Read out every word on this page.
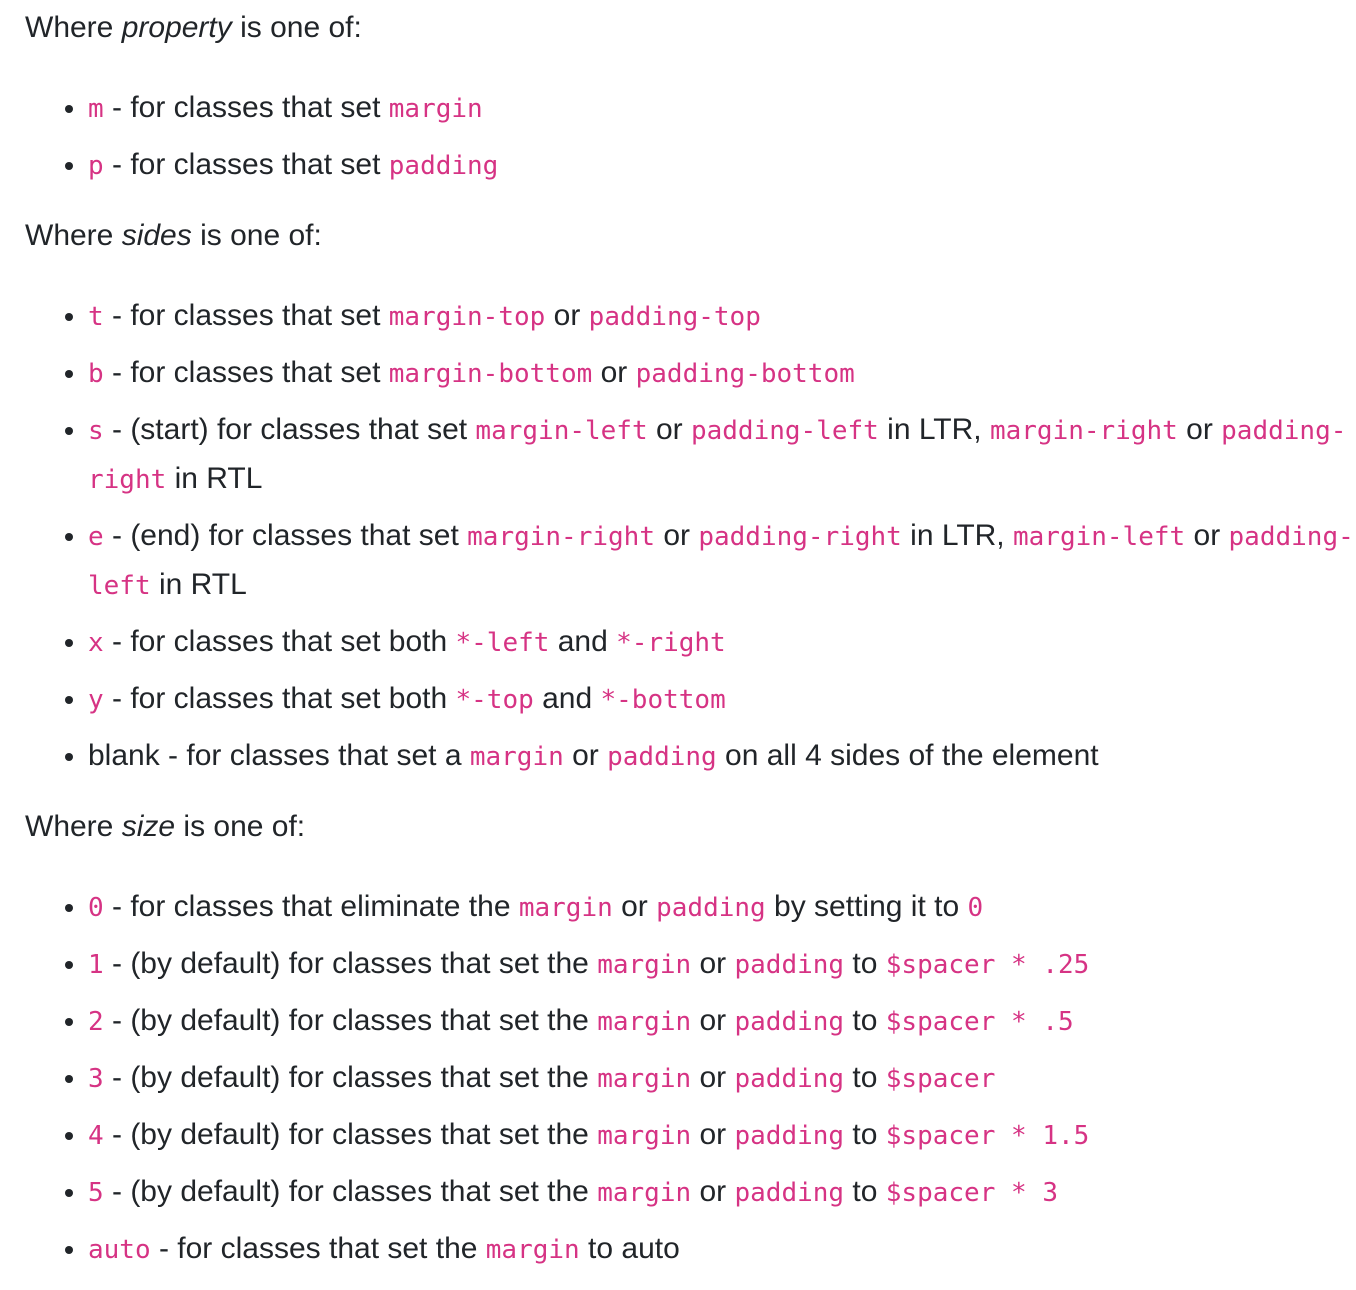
Where property is one of:

• m - for classes that set margin
• p - for classes that set padding

Where sides is one of:

• t - for classes that set margin-top or padding-top
• b - for classes that set margin-bottom or padding-bottom
• s - (start) for classes that set margin-left or padding-left in LTR, margin-right or padding-right in RTL
• e - (end) for classes that set margin-right or padding-right in LTR, margin-left or padding-left in RTL
• x - for classes that set both *-left and *-right
• y - for classes that set both *-top and *-bottom
• blank - for classes that set a margin or padding on all 4 sides of the element

Where size is one of:

• 0 - for classes that eliminate the margin or padding by setting it to 0
• 1 - (by default) for classes that set the margin or padding to $spacer * .25
• 2 - (by default) for classes that set the margin or padding to $spacer * .5
• 3 - (by default) for classes that set the margin or padding to $spacer
• 4 - (by default) for classes that set the margin or padding to $spacer * 1.5
• 5 - (by default) for classes that set the margin or padding to $spacer * 3
• auto - for classes that set the margin to auto
